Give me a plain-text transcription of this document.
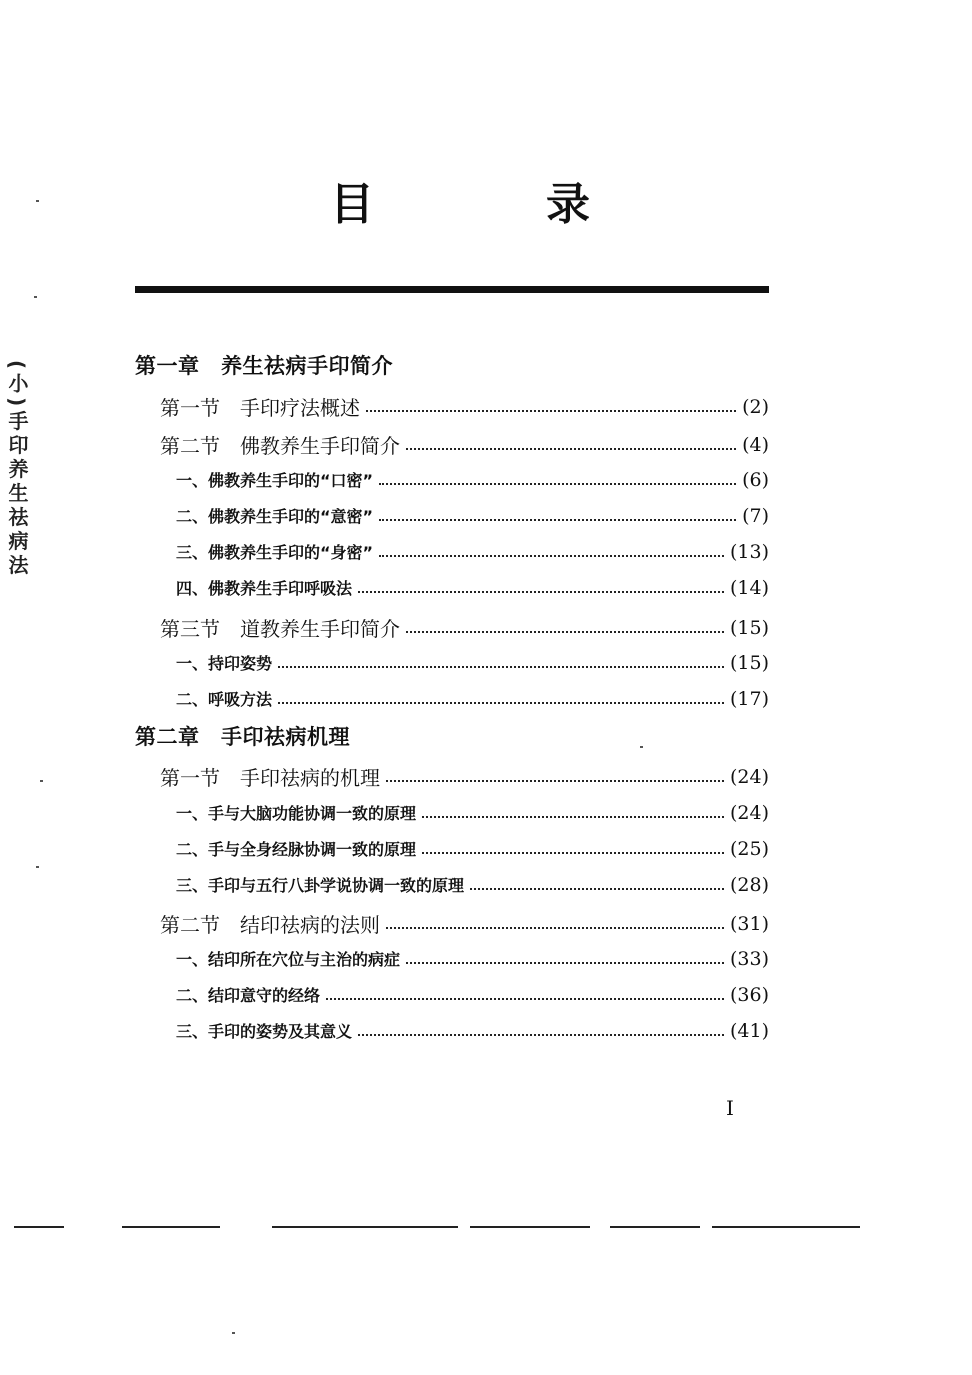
(小)手印养生祛病法
目	录
第一章　养生祛病手印简介
第一节　手印疗法概述	(2)
第二节　佛教养生手印简介	(4)
一、佛教养生手印的“口密”	(6)
二、佛教养生手印的“意密”	(7)
三、佛教养生手印的“身密”	(13)
四、佛教养生手印呼吸法	(14)
第三节　道教养生手印简介	(15)
一、持印姿势	(15)
二、呼吸方法	(17)
第二章　手印祛病机理
第一节　手印祛病的机理	(24)
一、手与大脑功能协调一致的原理	(24)
二、手与全身经脉协调一致的原理	(25)
三、手印与五行八卦学说协调一致的原理	(28)
第二节　结印祛病的法则	(31)
一、结印所在穴位与主治的病症	(33)
二、结印意守的经络	(36)
三、手印的姿势及其意义	(41)
I
